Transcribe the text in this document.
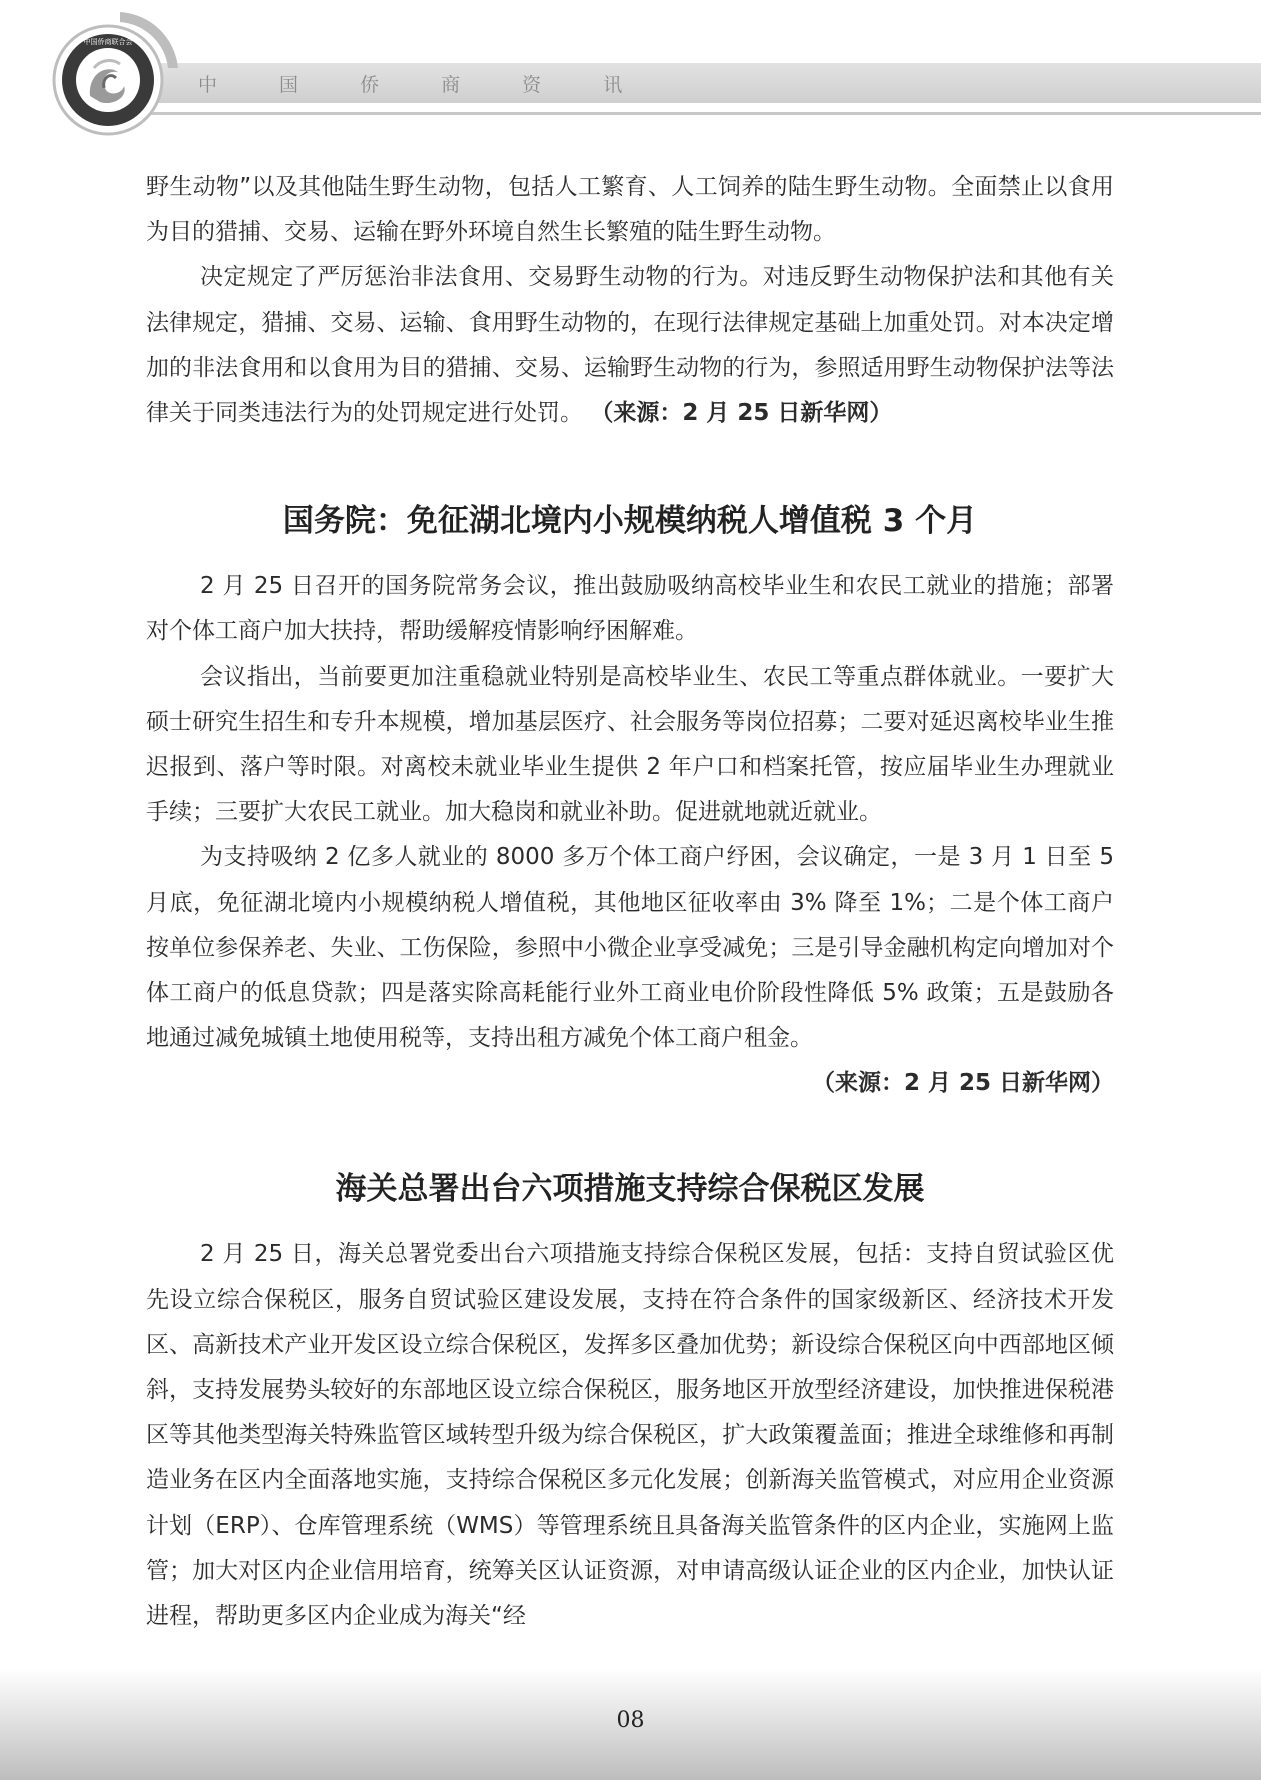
中 国 侨 商 资 讯
中国侨商联合会

野生动物”以及其他陆生野生动物，包括人工繁育、人工饲养的陆生野生动物。全面禁止以食用为目的猎捕、交易、运输在野外环境自然生长繁殖的陆生野生动物。

决定规定了严厉惩治非法食用、交易野生动物的行为。对违反野生动物保护法和其他有关法律规定，猎捕、交易、运输、食用野生动物的，在现行法律规定基础上加重处罚。对本决定增加的非法食用和以食用为目的猎捕、交易、运输野生动物的行为，参照适用野生动物保护法等法律关于同类违法行为的处罚规定进行处罚。 （来源：2 月 25 日新华网）

国务院：免征湖北境内小规模纳税人增值税 3 个月

2 月 25 日召开的国务院常务会议，推出鼓励吸纳高校毕业生和农民工就业的措施；部署对个体工商户加大扶持，帮助缓解疫情影响纾困解难。

会议指出，当前要更加注重稳就业特别是高校毕业生、农民工等重点群体就业。一要扩大硕士研究生招生和专升本规模，增加基层医疗、社会服务等岗位招募；二要对延迟离校毕业生推迟报到、落户等时限。对离校未就业毕业生提供 2 年户口和档案托管，按应届毕业生办理就业手续；三要扩大农民工就业。加大稳岗和就业补助。促进就地就近就业。

为支持吸纳 2 亿多人就业的 8000 多万个体工商户纾困，会议确定，一是 3 月 1 日至 5 月底，免征湖北境内小规模纳税人增值税，其他地区征收率由 3% 降至 1%；二是个体工商户按单位参保养老、失业、工伤保险，参照中小微企业享受减免；三是引导金融机构定向增加对个体工商户的低息贷款；四是落实除高耗能行业外工商业电价阶段性降低 5% 政策；五是鼓励各地通过减免城镇土地使用税等，支持出租方减免个体工商户租金。

（来源：2 月 25 日新华网）

海关总署出台六项措施支持综合保税区发展

2 月 25 日，海关总署党委出台六项措施支持综合保税区发展，包括：支持自贸试验区优先设立综合保税区，服务自贸试验区建设发展，支持在符合条件的国家级新区、经济技术开发区、高新技术产业开发区设立综合保税区，发挥多区叠加优势；新设综合保税区向中西部地区倾斜，支持发展势头较好的东部地区设立综合保税区，服务地区开放型经济建设，加快推进保税港区等其他类型海关特殊监管区域转型升级为综合保税区，扩大政策覆盖面；推进全球维修和再制造业务在区内全面落地实施，支持综合保税区多元化发展；创新海关监管模式，对应用企业资源计划（ERP）、仓库管理系统（WMS）等管理系统且具备海关监管条件的区内企业，实施网上监管；加大对区内企业信用培育，统筹关区认证资源，对申请高级认证企业的区内企业，加快认证进程，帮助更多区内企业成为海关“经

08
